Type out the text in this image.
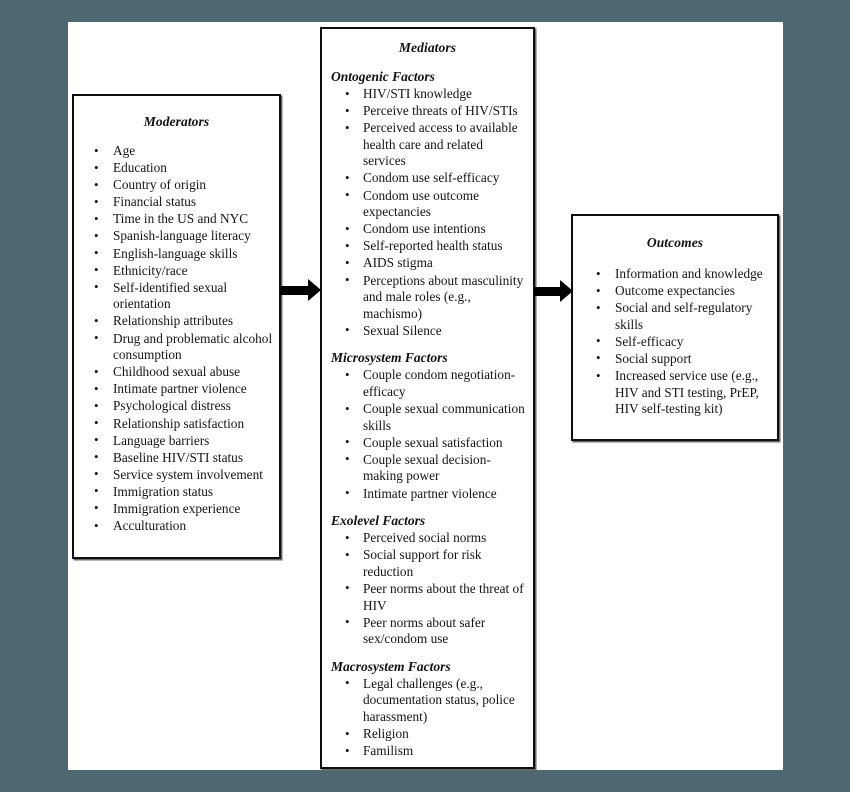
Moderators
• Age
• Education
• Country of origin
• Financial status
• Time in the US and NYC
• Spanish-language literacy
• English-language skills
• Ethnicity/race
• Self-identified sexual orientation
• Relationship attributes
• Drug and problematic alcohol consumption
• Childhood sexual abuse
• Intimate partner violence
• Psychological distress
• Relationship satisfaction
• Language barriers
• Baseline HIV/STI status
• Service system involvement
• Immigration status
• Immigration experience
• Acculturation
Mediators
Ontogenic Factors
• HIV/STI knowledge
• Perceive threats of HIV/STIs
• Perceived access to available health care and related services
• Condom use self-efficacy
• Condom use outcome expectancies
• Condom use intentions
• Self-reported health status
• AIDS stigma
• Perceptions about masculinity and male roles (e.g., machismo)
• Sexual Silence
Microsystem Factors
• Couple condom negotiation-efficacy
• Couple sexual communication skills
• Couple sexual satisfaction
• Couple sexual decision-making power
• Intimate partner violence
Exolevel Factors
• Perceived social norms
• Social support for risk reduction
• Peer norms about the threat of HIV
• Peer norms about safer sex/condom use
Macrosystem Factors
• Legal challenges (e.g., documentation status, police harassment)
• Religion
• Familism
Outcomes
• Information and knowledge
• Outcome expectancies
• Social and self-regulatory skills
• Self-efficacy
• Social support
• Increased service use (e.g., HIV and STI testing, PrEP, HIV self-testing kit)
